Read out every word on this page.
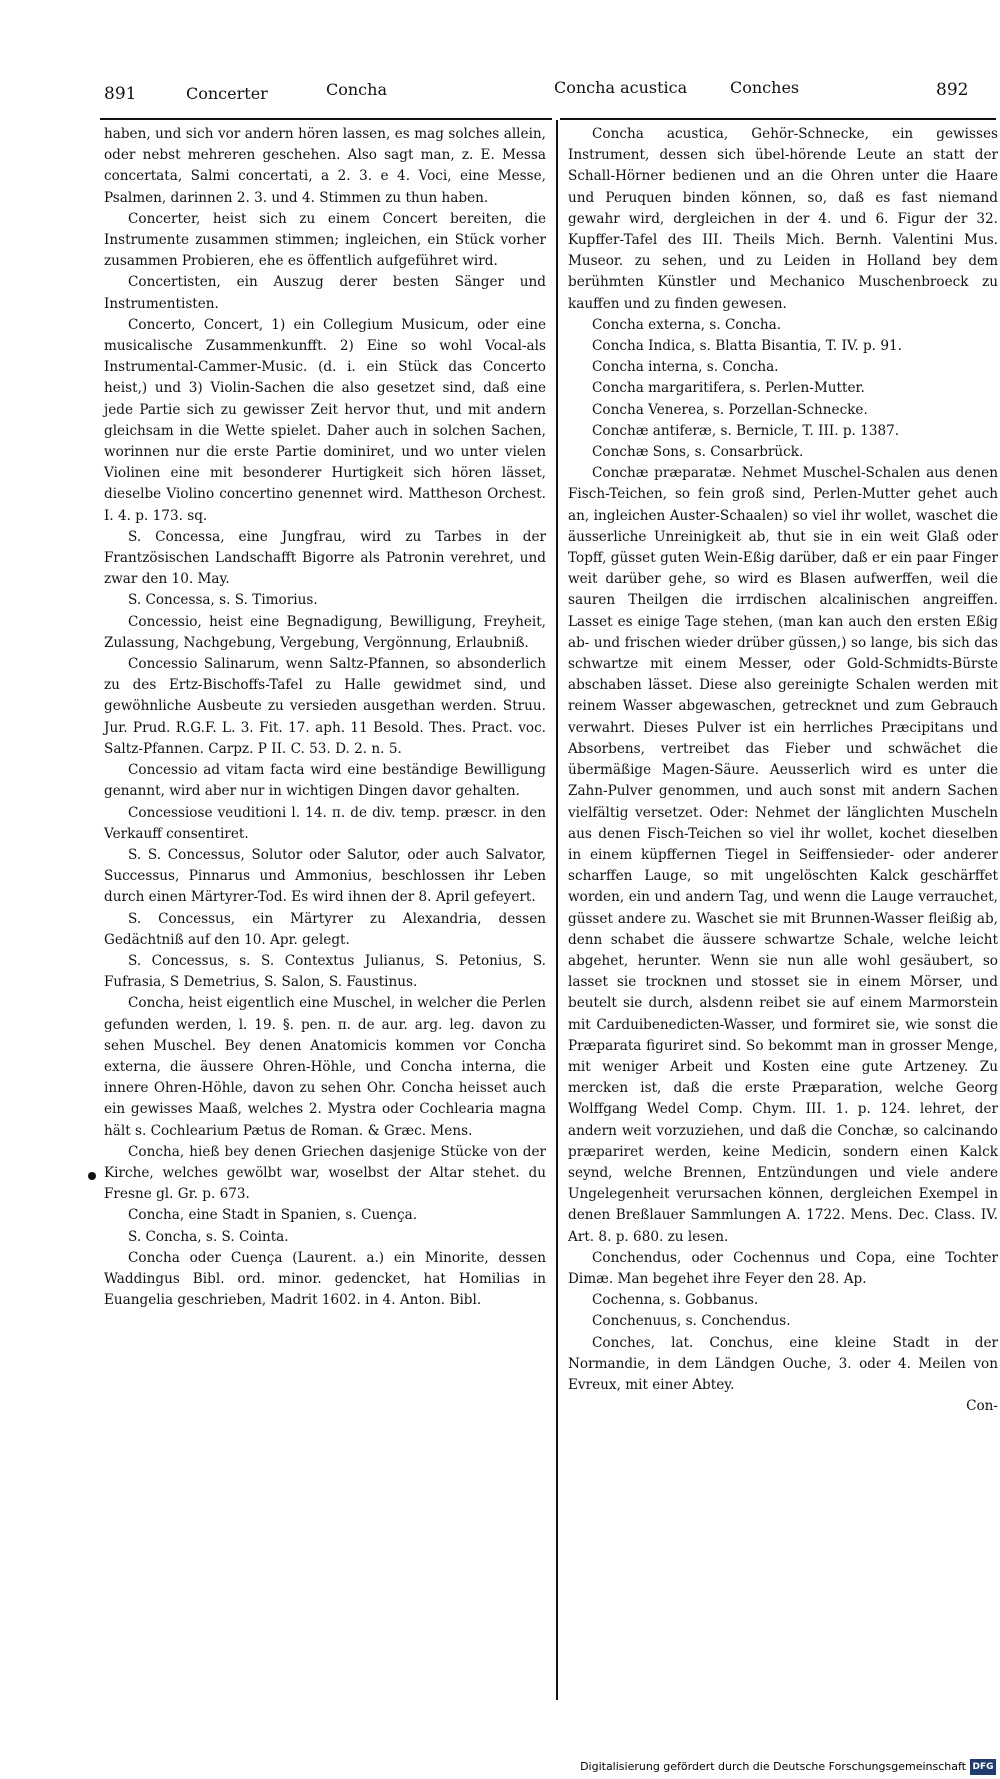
891	Concerter	Concha	Concha acustica	Conches	892

haben, und sich vor andern hören lassen, es mag solches allein, oder nebst mehreren geschehen. Also sagt man, z. E. Messa concertata, Salmi concertati, a 2. 3. e 4. Voci, eine Messe, Psalmen, darinnen 2. 3. und 4. Stimmen zu thun haben.

Concerter, heist sich zu einem Concert bereiten, die Instrumente zusammen stimmen; ingleichen, ein Stück vorher zusammen Probieren, ehe es öffentlich aufgeführet wird.

Concertisten, ein Auszug derer besten Sänger und Instrumentisten.

Concerto, Concert, 1) ein Collegium Musicum, oder eine musicalische Zusammenkunfft. 2) Eine so wohl Vocal-als Instrumental-Cammer-Music. (d. i. ein Stück das Concerto heist,) und 3) Violin-Sachen die also gesetzet sind, daß eine jede Partie sich zu gewisser Zeit hervor thut, und mit andern gleichsam in die Wette spielet. Daher auch in solchen Sachen, worinnen nur die erste Partie dominiret, und wo unter vielen Violinen eine mit besonderer Hurtigkeit sich hören lässet, dieselbe Violino concertino genennet wird. Mattheson Orchest. I. 4. p. 173. sq.

S. Concessa, eine Jungfrau, wird zu Tarbes in der Frantzösischen Landschafft Bigorre als Patronin verehret, und zwar den 10. May.

S. Concessa, s. S. Timorius.

Concessio, heist eine Begnadigung, Bewilligung, Freyheit, Zulassung, Nachgebung, Vergebung, Vergönnung, Erlaubniß.

Concessio Salinarum, wenn Saltz-Pfannen, so absonderlich zu des Ertz-Bischoffs-Tafel zu Halle gewidmet sind, und gewöhnliche Ausbeute zu versieden ausgethan werden. Struu. Jur. Prud. R.G.F. L. 3. Fit. 17. aph. 11 Besold. Thes. Pract. voc. Saltz-Pfannen. Carpz. P II. C. 53. D. 2. n. 5.

Concessio ad vitam facta wird eine beständige Bewilligung genannt, wird aber nur in wichtigen Dingen davor gehalten.

Concessiose veuditioni l. 14. π. de div. temp. præscr. in den Verkauff consentiret.

S. S. Concessus, Solutor oder Salutor, oder auch Salvator, Successus, Pinnarus und Ammonius, beschlossen ihr Leben durch einen Märtyrer-Tod. Es wird ihnen der 8. April gefeyert.

S. Concessus, ein Märtyrer zu Alexandria, dessen Gedächtniß auf den 10. Apr. gelegt.

S. Concessus, s. S. Contextus Julianus, S. Petonius, S. Fufrasia, S Demetrius, S. Salon, S. Faustinus.

Concha, heist eigentlich eine Muschel, in welcher die Perlen gefunden werden, l. 19. §. pen. π. de aur. arg. leg. davon zu sehen Muschel. Bey denen Anatomicis kommen vor Concha externa, die äussere Ohren-Höhle, und Concha interna, die innere Ohren-Höhle, davon zu sehen Ohr. Concha heisset auch ein gewisses Maaß, welches 2. Mystra oder Cochlearia magna hält s. Cochlearium Pætus de Roman. & Græc. Mens.

Concha, hieß bey denen Griechen dasjenige Stücke von der Kirche, welches gewölbt war, woselbst der Altar stehet. du Fresne gl. Gr. p. 673.

Concha, eine Stadt in Spanien, s. Cuença.

S. Concha, s. S. Cointa.

Concha oder Cuença (Laurent. a.) ein Minorite, dessen Waddingus Bibl. ord. minor. gedencket, hat Homilias in Euangelia geschrieben, Madrit 1602. in 4. Anton. Bibl.

Concha acustica, Gehör-Schnecke, ein gewisses Instrument, dessen sich übel-hörende Leute an statt der Schall-Hörner bedienen und an die Ohren unter die Haare und Peruquen binden können, so, daß es fast niemand gewahr wird, dergleichen in der 4. und 6. Figur der 32. Kupffer-Tafel des III. Theils Mich. Bernh. Valentini Mus. Museor. zu sehen, und zu Leiden in Holland bey dem berühmten Künstler und Mechanico Muschenbroeck zu kauffen und zu finden gewesen.

Concha externa, s. Concha.

Concha Indica, s. Blatta Bisantia, T. IV. p. 91.

Concha interna, s. Concha.

Concha margaritifera, s. Perlen-Mutter.

Concha Venerea, s. Porzellan-Schnecke.

Conchæ antiferæ, s. Bernicle, T. III. p. 1387.

Conchæ Sons, s. Consarbrück.

Conchæ præparatæ. Nehmet Muschel-Schalen aus denen Fisch-Teichen, so fein groß sind, Perlen-Mutter gehet auch an, ingleichen Auster-Schaalen) so viel ihr wollet, waschet die äusserliche Unreinigkeit ab, thut sie in ein weit Glaß oder Topff, güsset guten Wein-Eßig darüber, daß er ein paar Finger weit darüber gehe, so wird es Blasen aufwerffen, weil die sauren Theilgen die irrdischen alcalinischen angreiffen. Lasset es einige Tage stehen, (man kan auch den ersten Eßig ab- und frischen wieder drüber güssen,) so lange, bis sich das schwartze mit einem Messer, oder Gold-Schmidts-Bürste abschaben lässet. Diese also gereinigte Schalen werden mit reinem Wasser abgewaschen, getrecknet und zum Gebrauch verwahrt. Dieses Pulver ist ein herrliches Præcipitans und Absorbens, vertreibet das Fieber und schwächet die übermäßige Magen-Säure. Aeusserlich wird es unter die Zahn-Pulver genommen, und auch sonst mit andern Sachen vielfältig versetzet. Oder: Nehmet der länglichten Muscheln aus denen Fisch-Teichen so viel ihr wollet, kochet dieselben in einem küpffernen Tiegel in Seiffensieder- oder anderer scharffen Lauge, so mit ungelöschten Kalck geschärffet worden, ein und andern Tag, und wenn die Lauge verrauchet, güsset andere zu. Waschet sie mit Brunnen-Wasser fleißig ab, denn schabet die äussere schwartze Schale, welche leicht abgehet, herunter. Wenn sie nun alle wohl gesäubert, so lasset sie trocknen und stosset sie in einem Mörser, und beutelt sie durch, alsdenn reibet sie auf einem Marmorstein mit Carduibenedicten-Wasser, und formiret sie, wie sonst die Præparata figuriret sind. So bekommt man in grosser Menge, mit weniger Arbeit und Kosten eine gute Artzeney. Zu mercken ist, daß die erste Præparation, welche Georg Wolffgang Wedel Comp. Chym. III. 1. p. 124. lehret, der andern weit vorzuziehen, und daß die Conchæ, so calcinando præpariret werden, keine Medicin, sondern einen Kalck seynd, welche Brennen, Entzündungen und viele andere Ungelegenheit verursachen können, dergleichen Exempel in denen Breßlauer Sammlungen A. 1722. Mens. Dec. Class. IV. Art. 8. p. 680. zu lesen.

Conchendus, oder Cochennus und Copa, eine Tochter Dimæ. Man begehet ihre Feyer den 28. Ap.

Cochenna, s. Gobbanus.

Conchenuus, s. Conchendus.

Conches, lat. Conchus, eine kleine Stadt in der Normandie, in dem Ländgen Ouche, 3. oder 4. Meilen von Evreux, mit einer Abtey.

Con-

Digitalisierung gefördert durch die Deutsche Forschungsgemeinschaft DFG
